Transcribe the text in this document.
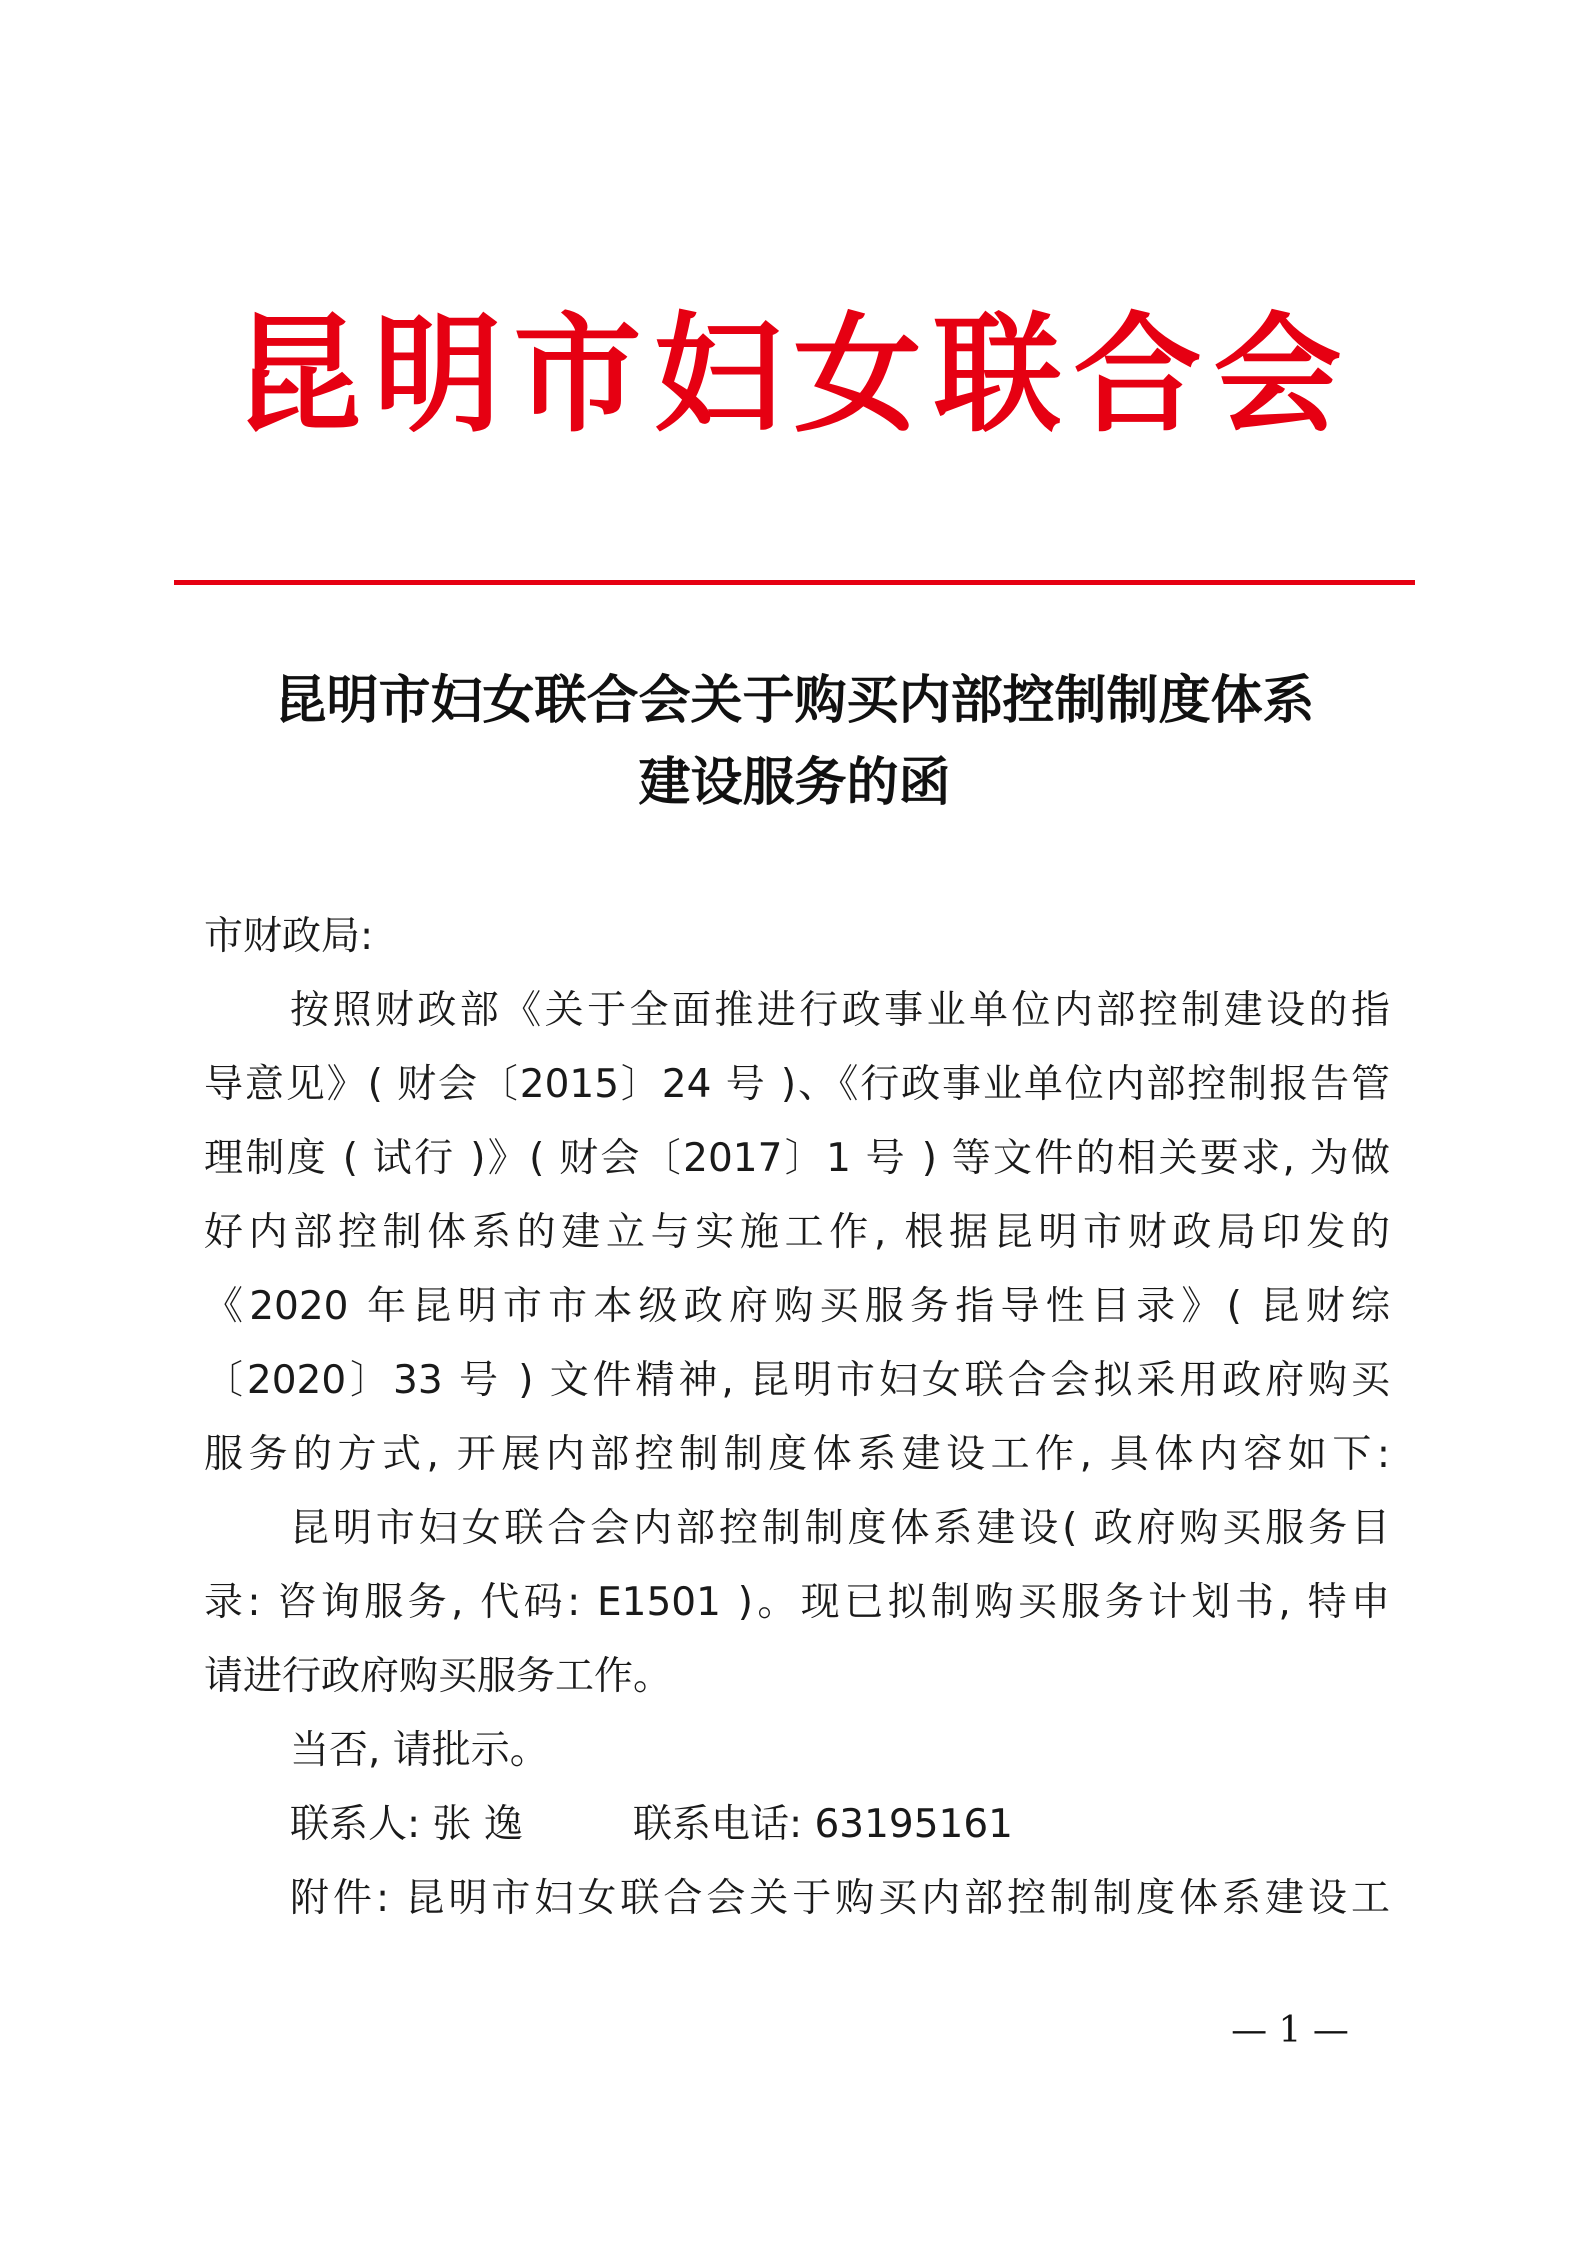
昆明市妇女联合会
昆明市妇女联合会关于购买内部控制制度体系
建设服务的函
市财政局:
按照财政部《关于全面推进行政事业单位内部控制建设的指
导意见》( 财会〔2015〕24 号 )、《行政事业单位内部控制报告管
理制度 ( 试行 )》( 财会〔2017〕1 号 ) 等文件的相关要求, 为做
好内部控制体系的建立与实施工作, 根据昆明市财政局印发的
《2020 年昆明市市本级政府购买服务指导性目录》( 昆财综
〔2020〕33 号 ) 文件精神, 昆明市妇女联合会拟采用政府购买
服务的方式, 开展内部控制制度体系建设工作, 具体内容如下:
昆明市妇女联合会内部控制制度体系建设( 政府购买服务目
录: 咨询服务, 代码: E1501 )。现已拟制购买服务计划书, 特申
请进行政府购买服务工作。
当否, 请批示。
联系人: 张 逸	联系电话: 63195161
附件: 昆明市妇女联合会关于购买内部控制制度体系建设工
— 1 —
